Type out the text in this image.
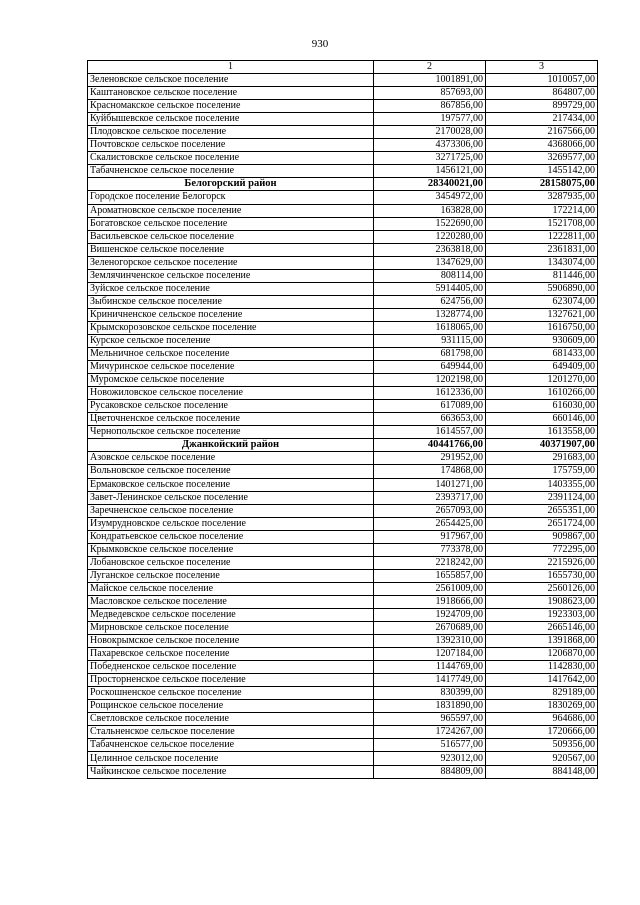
930
1	2	3
Зеленовское сельское поселение	1001891,00	1010057,00
Каштановское сельское поселение	857693,00	864807,00
Красномакское сельское поселение	867856,00	899729,00
Куйбышевское сельское поселение	197577,00	217434,00
Плодовское сельское поселение	2170028,00	2167566,00
Почтовское сельское поселение	4373306,00	4368066,00
Скалистовское сельское поселение	3271725,00	3269577,00
Табачненское сельское поселение	1456121,00	1455142,00
Белогорский район	28340021,00	28158075,00
Городское поселение Белогорск	3454972,00	3287935,00
Ароматновское сельское поселение	163828,00	172214,00
Богатовское сельское поселение	1522690,00	1521708,00
Васильевское сельское поселение	1220280,00	1222811,00
Вишенское сельское поселение	2363818,00	2361831,00
Зеленогорское сельское поселение	1347629,00	1343074,00
Землячинченское сельское поселение	808114,00	811446,00
Зуйское сельское поселение	5914405,00	5906890,00
Зыбинское сельское поселение	624756,00	623074,00
Криничненское сельское поселение	1328774,00	1327621,00
Крымскорозовское сельское поселение	1618065,00	1616750,00
Курское сельское поселение	931115,00	930609,00
Мельничное сельское поселение	681798,00	681433,00
Мичуринское сельское поселение	649944,00	649409,00
Муромское сельское поселение	1202198,00	1201270,00
Новожиловское сельское поселение	1612336,00	1610266,00
Русаковское сельское поселение	617089,00	616030,00
Цветочненское сельское поселение	663653,00	660146,00
Чернопольское сельское поселение	1614557,00	1613558,00
Джанкойский район	40441766,00	40371907,00
Азовское сельское поселение	291952,00	291683,00
Вольновское сельское поселение	174868,00	175759,00
Ермаковское сельское поселение	1401271,00	1403355,00
Завет-Ленинское сельское поселение	2393717,00	2391124,00
Заречненское сельское поселение	2657093,00	2655351,00
Изумрудновское сельское поселение	2654425,00	2651724,00
Кондратьевское сельское поселение	917967,00	909867,00
Крымковское сельское поселение	773378,00	772295,00
Лобановское сельское поселение	2218242,00	2215926,00
Луганское сельское поселение	1655857,00	1655730,00
Майское сельское поселение	2561009,00	2560126,00
Масловское сельское поселение	1918666,00	1908623,00
Медведевское сельское поселение	1924709,00	1923303,00
Мирновское сельское поселение	2670689,00	2665146,00
Новокрымское сельское поселение	1392310,00	1391868,00
Пахаревское сельское поселение	1207184,00	1206870,00
Победненское сельское поселение	1144769,00	1142830,00
Просторненское сельское поселение	1417749,00	1417642,00
Роскошненское сельское поселение	830399,00	829189,00
Рощинское сельское поселение	1831890,00	1830269,00
Светловское сельское поселение	965597,00	964686,00
Стальненское сельское поселение	1724267,00	1720666,00
Табачненское сельское поселение	516577,00	509356,00
Целинное сельское поселение	923012,00	920567,00
Чайкинское сельское поселение	884809,00	884148,00
